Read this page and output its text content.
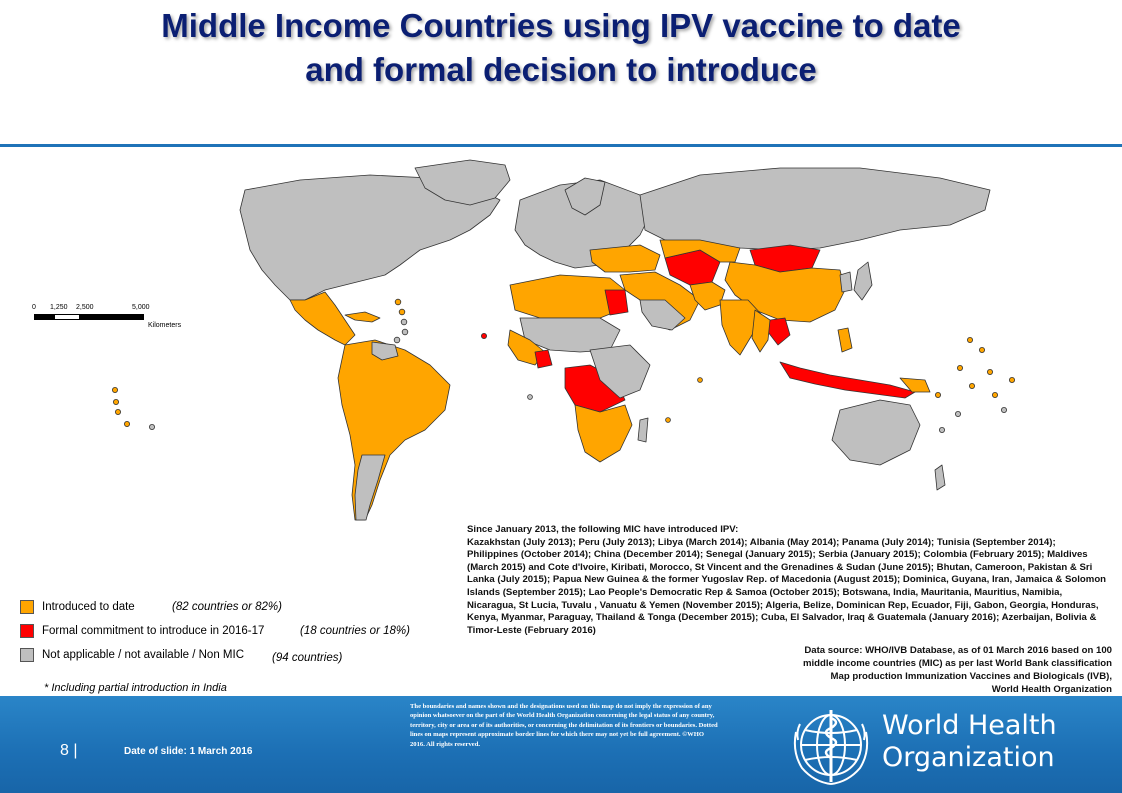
Middle Income Countries using IPV vaccine to date
and formal decision to introduce
0 1,250 2,500	5,000
Kilometers
Introduced to date	(82 countries or 82%)
Formal commitment to introduce in 2016-17	(18 countries or 18%)
Not applicable / not available / Non MIC (94 countries)
* Including partial introduction in India
Since January 2013, the following MIC have introduced IPV:
Kazakhstan (July 2013); Peru (July 2013); Libya (March 2014); Albania (May 2014); Panama (July 2014); Tunisia (September 2014); Philippines (October 2014); China (December 2014); Senegal (January 2015); Serbia (January 2015); Colombia (February 2015); Maldives (March 2015) and Cote d'Ivoire, Kiribati, Morocco, St Vincent and the Grenadines & Sudan (June 2015); Bhutan, Cameroon, Pakistan & Sri Lanka (July 2015); Papua New Guinea & the former Yugoslav Rep. of Macedonia (August 2015); Dominica, Guyana, Iran, Jamaica & Solomon Islands (September 2015); Lao People's Democratic Rep & Samoa (October 2015); Botswana, India, Mauritania, Mauritius, Namibia, Nicaragua, St Lucia, Tuvalu , Vanuatu & Yemen (November 2015); Algeria, Belize, Dominican Rep, Ecuador, Fiji, Gabon, Georgia, Honduras, Kenya, Myanmar, Paraguay, Thailand & Tonga (December 2015); Cuba, El Salvador, Iraq & Guatemala (January 2016); Azerbaijan, Bolivia & Timor-Leste (February 2016)
Data source: WHO/IVB Database, as of 01 March 2016 based on 100
middle income countries (MIC) as per last World Bank classification
Map production Immunization Vaccines and Biologicals (IVB),
World Health Organization
8 |	Date of slide: 1 March 2016
The boundaries and names shown and the designations used on this map do not imply the expression of any opinion whatsoever on the part of the World Health Organization concerning the legal status of any country, territory, city or area or of its authorities, or concerning the delimitation of its frontiers or boundaries. Dotted lines on maps represent approximate border lines for which there may not yet be full agreement. ©WHO 2016. All rights reserved.
World Health
Organization
